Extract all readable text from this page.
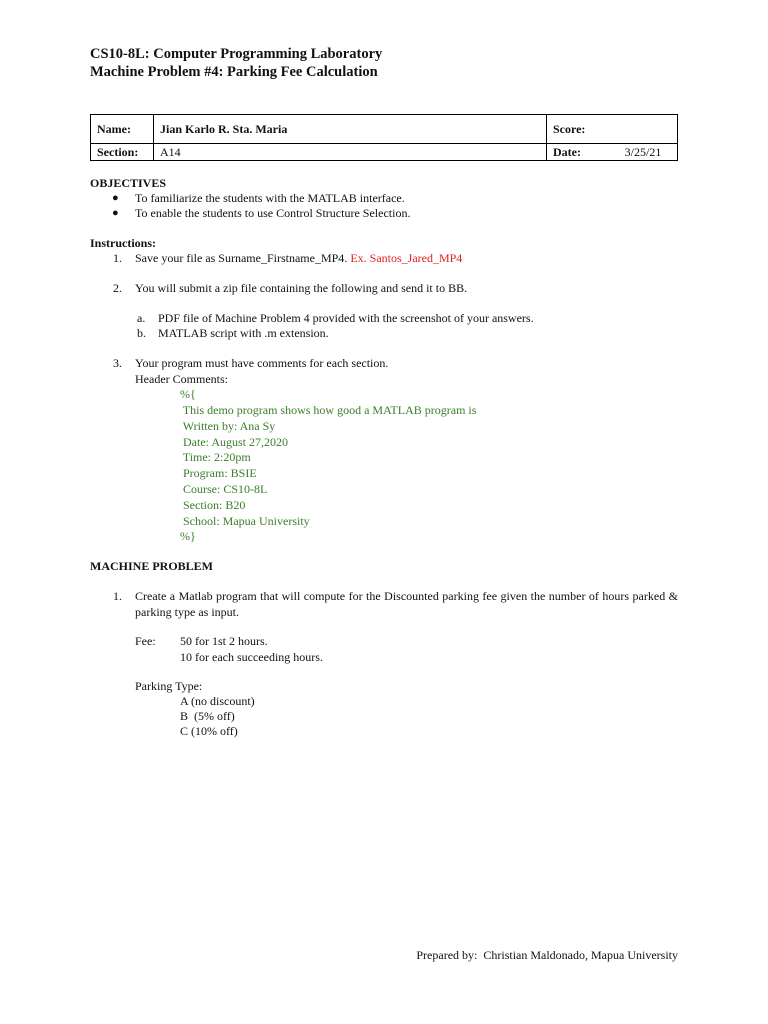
CS10-8L: Computer Programming Laboratory
Machine Problem #4: Parking Fee Calculation
Name:	Jian Karlo R. Sta. Maria	Score:	
Section:	A14	Date:	3/25/21
OBJECTIVES
● To familiarize the students with the MATLAB interface.
● To enable the students to use Control Structure Selection.
Instructions:
1. Save your file as Surname_Firstname_MP4. Ex. Santos_Jared_MP4
2. You will submit a zip file containing the following and send it to BB.
a. PDF file of Machine Problem 4 provided with the screenshot of your answers.
b. MATLAB script with .m extension.
3. Your program must have comments for each section.
Header Comments:
%{
This demo program shows how good a MATLAB program is
Written by: Ana Sy
Date: August 27,2020
Time: 2:20pm
Program: BSIE
Course: CS10-8L
Section: B20
School: Mapua University
%}
MACHINE PROBLEM
1. Create a Matlab program that will compute for the Discounted parking fee given the number of hours parked & parking type as input.
Fee: 50 for 1st 2 hours.
10 for each succeeding hours.
Parking Type:
A (no discount)
B  (5% off)
C (10% off)
Prepared by:  Christian Maldonado, Mapua University
